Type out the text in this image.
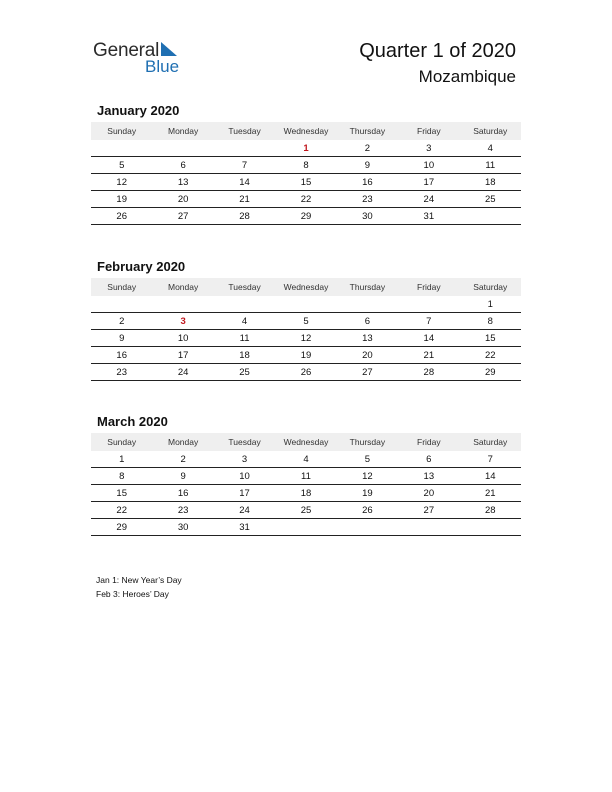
General
Blue
Quarter 1 of 2020
Mozambique
January 2020
Sunday	Monday	Tuesday	Wednesday	Thursday	Friday	Saturday
			1	2	3	4
5	6	7	8	9	10	11
12	13	14	15	16	17	18
19	20	21	22	23	24	25
26	27	28	29	30	31	
February 2020
Sunday	Monday	Tuesday	Wednesday	Thursday	Friday	Saturday
						1
2	3	4	5	6	7	8
9	10	11	12	13	14	15
16	17	18	19	20	21	22
23	24	25	26	27	28	29
March 2020
Sunday	Monday	Tuesday	Wednesday	Thursday	Friday	Saturday
1	2	3	4	5	6	7
8	9	10	11	12	13	14
15	16	17	18	19	20	21
22	23	24	25	26	27	28
29	30	31				
Jan 1: New Year’s Day
Feb 3: Heroes’ Day
